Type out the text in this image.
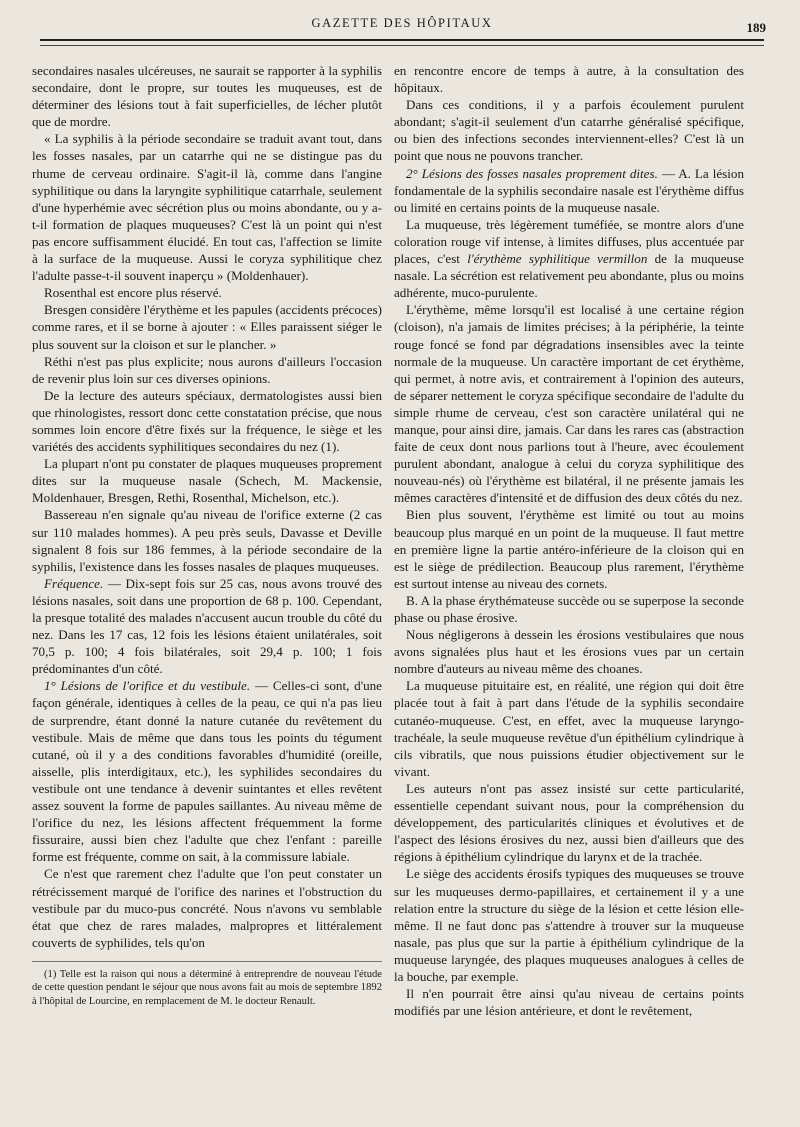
GAZETTE DES HÔPITAUX	189

secondaires nasales ulcéreuses, ne saurait se rapporter à la syphilis secondaire, dont le propre, sur toutes les muqueuses, est de déterminer des lésions tout à fait superficielles, de lécher plutôt que de mordre.

« La syphilis à la période secondaire se traduit avant tout, dans les fosses nasales, par un catarrhe qui ne se distingue pas du rhume de cerveau ordinaire. S'agit-il là, comme dans l'angine syphilitique ou dans la laryngite syphilitique catarrhale, seulement d'une hyperhémie avec sécrétion plus ou moins abondante, ou y a-t-il formation de plaques muqueuses? C'est là un point qui n'est pas encore suffisamment élucidé. En tout cas, l'affection se limite à la surface de la muqueuse. Aussi le coryza syphilitique chez l'adulte passe-t-il souvent inaperçu » (Moldenhauer).

Rosenthal est encore plus réservé.

Bresgen considère l'érythème et les papules (accidents précoces) comme rares, et il se borne à ajouter : « Elles paraissent siéger le plus souvent sur la cloison et sur le plancher. »

Réthi n'est pas plus explicite; nous aurons d'ailleurs l'occasion de revenir plus loin sur ces diverses opinions.

De la lecture des auteurs spéciaux, dermatologistes aussi bien que rhinologistes, ressort donc cette constatation précise, que nous sommes loin encore d'être fixés sur la fréquence, le siège et les variétés des accidents syphilitiques secondaires du nez (1).

La plupart n'ont pu constater de plaques muqueuses proprement dites sur la muqueuse nasale (Schech, M. Mackensie, Moldenhauer, Bresgen, Rethi, Rosenthal, Michelson, etc.).

Bassereau n'en signale qu'au niveau de l'orifice externe (2 cas sur 110 malades hommes). A peu près seuls, Davasse et Deville signalent 8 fois sur 186 femmes, à la période secondaire de la syphilis, l'existence dans les fosses nasales de plaques muqueuses.

Fréquence. — Dix-sept fois sur 25 cas, nous avons trouvé des lésions nasales, soit dans une proportion de 68 p. 100. Cependant, la presque totalité des malades n'accusent aucun trouble du côté du nez. Dans les 17 cas, 12 fois les lésions étaient unilatérales, soit 70,5 p. 100; 4 fois bilatérales, soit 29,4 p. 100; 1 fois prédominantes d'un côté.

1° Lésions de l'orifice et du vestibule. — Celles-ci sont, d'une façon générale, identiques à celles de la peau, ce qui n'a pas lieu de surprendre, étant donné la nature cutanée du revêtement du vestibule. Mais de même que dans tous les points du tégument cutané, où il y a des conditions favorables d'humidité (oreille, aisselle, plis interdigitaux, etc.), les syphilides secondaires du vestibule ont une tendance à devenir suintantes et elles revêtent assez souvent la forme de papules saillantes. Au niveau même de l'orifice du nez, les lésions affectent fréquemment la forme fissuraire, aussi bien chez l'adulte que chez l'enfant : pareille forme est fréquente, comme on sait, à la commissure labiale.

Ce n'est que rarement chez l'adulte que l'on peut constater un rétrécissement marqué de l'orifice des narines et l'obstruction du vestibule par du muco-pus concrété. Nous n'avons vu semblable état que chez de rares malades, malpropres et littéralement couverts de syphilides, tels qu'on

(1) Telle est la raison qui nous a déterminé à entreprendre de nouveau l'étude de cette question pendant le séjour que nous avons fait au mois de septembre 1892 à l'hôpital de Lourcine, en remplacement de M. le docteur Renault.

en rencontre encore de temps à autre, à la consultation des hôpitaux.

Dans ces conditions, il y a parfois écoulement purulent abondant; s'agit-il seulement d'un catarrhe généralisé spécifique, ou bien des infections secondes interviennent-elles? C'est là un point que nous ne pouvons trancher.

2° Lésions des fosses nasales proprement dites. — A. La lésion fondamentale de la syphilis secondaire nasale est l'érythème diffus ou limité en certains points de la muqueuse nasale.

La muqueuse, très légèrement tuméfiée, se montre alors d'une coloration rouge vif intense, à limites diffuses, plus accentuée par places, c'est l'érythème syphilitique vermillon de la muqueuse nasale. La sécrétion est relativement peu abondante, plus ou moins adhérente, muco-purulente.

L'érythème, même lorsqu'il est localisé à une certaine région (cloison), n'a jamais de limites précises; à la périphérie, la teinte rouge foncé se fond par dégradations insensibles avec la teinte normale de la muqueuse. Un caractère important de cet érythème, qui permet, à notre avis, et contrairement à l'opinion des auteurs, de séparer nettement le coryza spécifique secondaire de l'adulte du simple rhume de cerveau, c'est son caractère unilatéral qui ne manque, pour ainsi dire, jamais. Car dans les rares cas (abstraction faite de ceux dont nous parlions tout à l'heure, avec écoulement purulent abondant, analogue à celui du coryza syphilitique des nouveau-nés) où l'érythème est bilatéral, il ne présente jamais les mêmes caractères d'intensité et de diffusion des deux côtés du nez.

Bien plus souvent, l'érythème est limité ou tout au moins beaucoup plus marqué en un point de la muqueuse. Il faut mettre en première ligne la partie antéro-inférieure de la cloison qui en est le siège de prédilection. Beaucoup plus rarement, l'érythème est surtout intense au niveau des cornets.

B. A la phase érythémateuse succède ou se superpose la seconde phase ou phase érosive.

Nous négligerons à dessein les érosions vestibulaires que nous avons signalées plus haut et les érosions vues par un certain nombre d'auteurs au niveau même des choanes.

La muqueuse pituitaire est, en réalité, une région qui doit être placée tout à fait à part dans l'étude de la syphilis secondaire cutanéo-muqueuse. C'est, en effet, avec la muqueuse laryngo-trachéale, la seule muqueuse revêtue d'un épithélium cylindrique à cils vibratils, que nous puissions étudier objectivement sur le vivant.

Les auteurs n'ont pas assez insisté sur cette particularité, essentielle cependant suivant nous, pour la compréhension du développement, des particularités cliniques et évolutives et de l'aspect des lésions érosives du nez, aussi bien d'ailleurs que des régions à épithélium cylindrique du larynx et de la trachée.

Le siège des accidents érosifs typiques des muqueuses se trouve sur les muqueuses dermo-papillaires, et certainement il y a une relation entre la structure du siège de la lésion et cette lésion elle-même. Il ne faut donc pas s'attendre à trouver sur la muqueuse nasale, pas plus que sur la partie à épithélium cylindrique de la muqueuse laryngée, des plaques muqueuses analogues à celles de la bouche, par exemple.

Il n'en pourrait être ainsi qu'au niveau de certains points modifiés par une lésion antérieure, et dont le revêtement,
